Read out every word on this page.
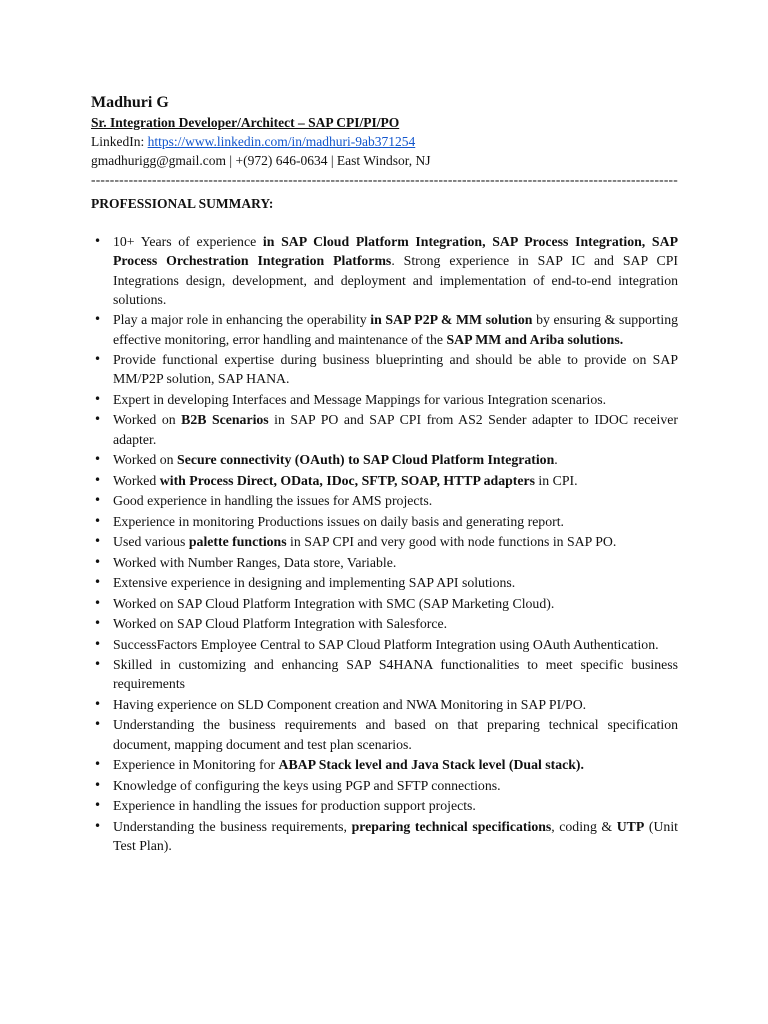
Madhuri G
Sr. Integration Developer/Architect – SAP CPI/PI/PO
LinkedIn: https://www.linkedin.com/in/madhuri-9ab371254
gmadhurigg@gmail.com | +(972) 646-0634 | East Windsor, NJ
-----------------------------------------------------------------------------------------------------------------------------
PROFESSIONAL SUMMARY:
• 10+ Years of experience in SAP Cloud Platform Integration, SAP Process Integration, SAP Process Orchestration Integration Platforms. Strong experience in SAP IC and SAP CPI Integrations design, development, and deployment and implementation of end-to-end integration solutions.
• Play a major role in enhancing the operability in SAP P2P & MM solution by ensuring & supporting effective monitoring, error handling and maintenance of the SAP MM and Ariba solutions.
• Provide functional expertise during business blueprinting and should be able to provide on SAP MM/P2P solution, SAP HANA.
• Expert in developing Interfaces and Message Mappings for various Integration scenarios.
• Worked on B2B Scenarios in SAP PO and SAP CPI from AS2 Sender adapter to IDOC receiver adapter.
• Worked on Secure connectivity (OAuth) to SAP Cloud Platform Integration.
• Worked with Process Direct, OData, IDoc, SFTP, SOAP, HTTP adapters in CPI.
• Good experience in handling the issues for AMS projects.
• Experience in monitoring Productions issues on daily basis and generating report.
• Used various palette functions in SAP CPI and very good with node functions in SAP PO.
• Worked with Number Ranges, Data store, Variable.
• Extensive experience in designing and implementing SAP API solutions.
• Worked on SAP Cloud Platform Integration with SMC (SAP Marketing Cloud).
• Worked on SAP Cloud Platform Integration with Salesforce.
• SuccessFactors Employee Central to SAP Cloud Platform Integration using OAuth Authentication.
• Skilled in customizing and enhancing SAP S4HANA functionalities to meet specific business requirements
• Having experience on SLD Component creation and NWA Monitoring in SAP PI/PO.
• Understanding the business requirements and based on that preparing technical specification document, mapping document and test plan scenarios.
• Experience in Monitoring for ABAP Stack level and Java Stack level (Dual stack).
• Knowledge of configuring the keys using PGP and SFTP connections.
• Experience in handling the issues for production support projects.
• Understanding the business requirements, preparing technical specifications, coding & UTP (Unit Test Plan).
